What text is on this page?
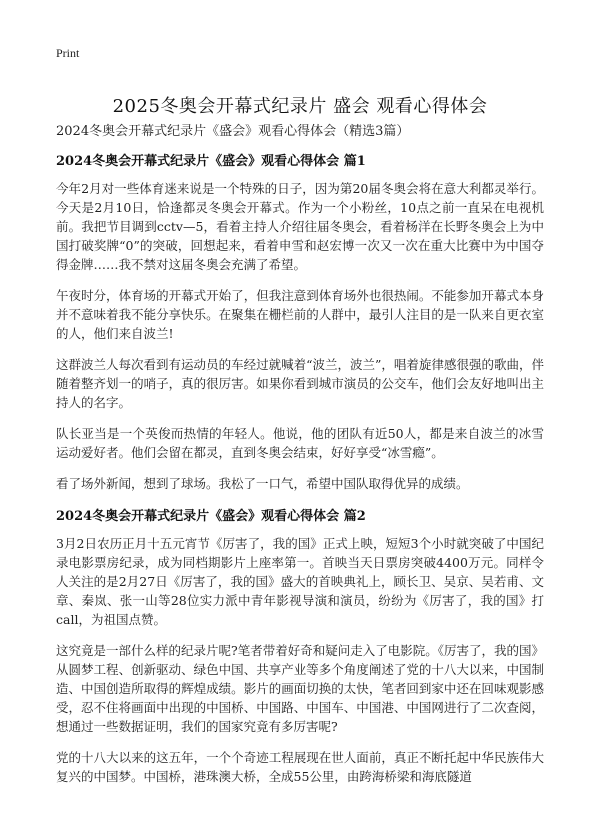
Print
2025冬奥会开幕式纪录片 盛会 观看心得体会
2024冬奥会开幕式纪录片《盛会》观看心得体会（精选3篇）
2024冬奥会开幕式纪录片《盛会》观看心得体会 篇1

今年2月对一些体育迷来说是一个特殊的日子，因为第20届冬奥会将在意大利都灵举行。今天是2月10日，恰逢都灵冬奥会开幕式。作为一个小粉丝，10点之前一直呆在电视机前。我把节目调到cctv—5，看着主持人介绍往届冬奥会，看着杨洋在长野冬奥会上为中国打破奖牌“0”的突破，回想起来，看着申雪和赵宏博一次又一次在重大比赛中为中国夺得金牌……我不禁对这届冬奥会充满了希望。

午夜时分，体育场的开幕式开始了，但我注意到体育场外也很热闹。不能参加开幕式本身并不意味着我不能分享快乐。在聚集在栅栏前的人群中，最引人注目的是一队来自更衣室的人，他们来自波兰!

这群波兰人每次看到有运动员的车经过就喊着“波兰，波兰”，唱着旋律感很强的歌曲，伴随着整齐划一的哨子，真的很厉害。如果你看到城市演员的公交车，他们会友好地叫出主持人的名字。

队长亚当是一个英俊而热情的年轻人。他说，他的团队有近50人，都是来自波兰的冰雪运动爱好者。他们会留在都灵，直到冬奥会结束，好好享受“冰雪瘾”。

看了场外新闻，想到了球场。我松了一口气，希望中国队取得优异的成绩。

2024冬奥会开幕式纪录片《盛会》观看心得体会 篇2

3月2日农历正月十五元宵节《厉害了，我的国》正式上映，短短3个小时就突破了中国纪录电影票房纪录，成为同档期影片上座率第一。首映当天日票房突破4400万元。同样令人关注的是2月27日《厉害了，我的国》盛大的首映典礼上，顾长卫、吴京、吴若甫、文章、秦岚、张一山等28位实力派中青年影视导演和演员，纷纷为《厉害了，我的国》打call，为祖国点赞。

这究竟是一部什么样的纪录片呢?笔者带着好奇和疑问走入了电影院。《厉害了，我的国》从圆梦工程、创新驱动、绿色中国、共享产业等多个角度阐述了党的十八大以来，中国制造、中国创造所取得的辉煌成绩。影片的画面切换的太快，笔者回到家中还在回味观影感受，忍不住将画面中出现的中国桥、中国路、中国车、中国港、中国网进行了二次查阅，想通过一些数据证明，我们的国家究竟有多厉害呢?

党的十八大以来的这五年，一个个奇迹工程展现在世人面前，真正不断托起中华民族伟大复兴的中国梦。中国桥，港珠澳大桥，全成55公里，由跨海桥梁和海底隧道
